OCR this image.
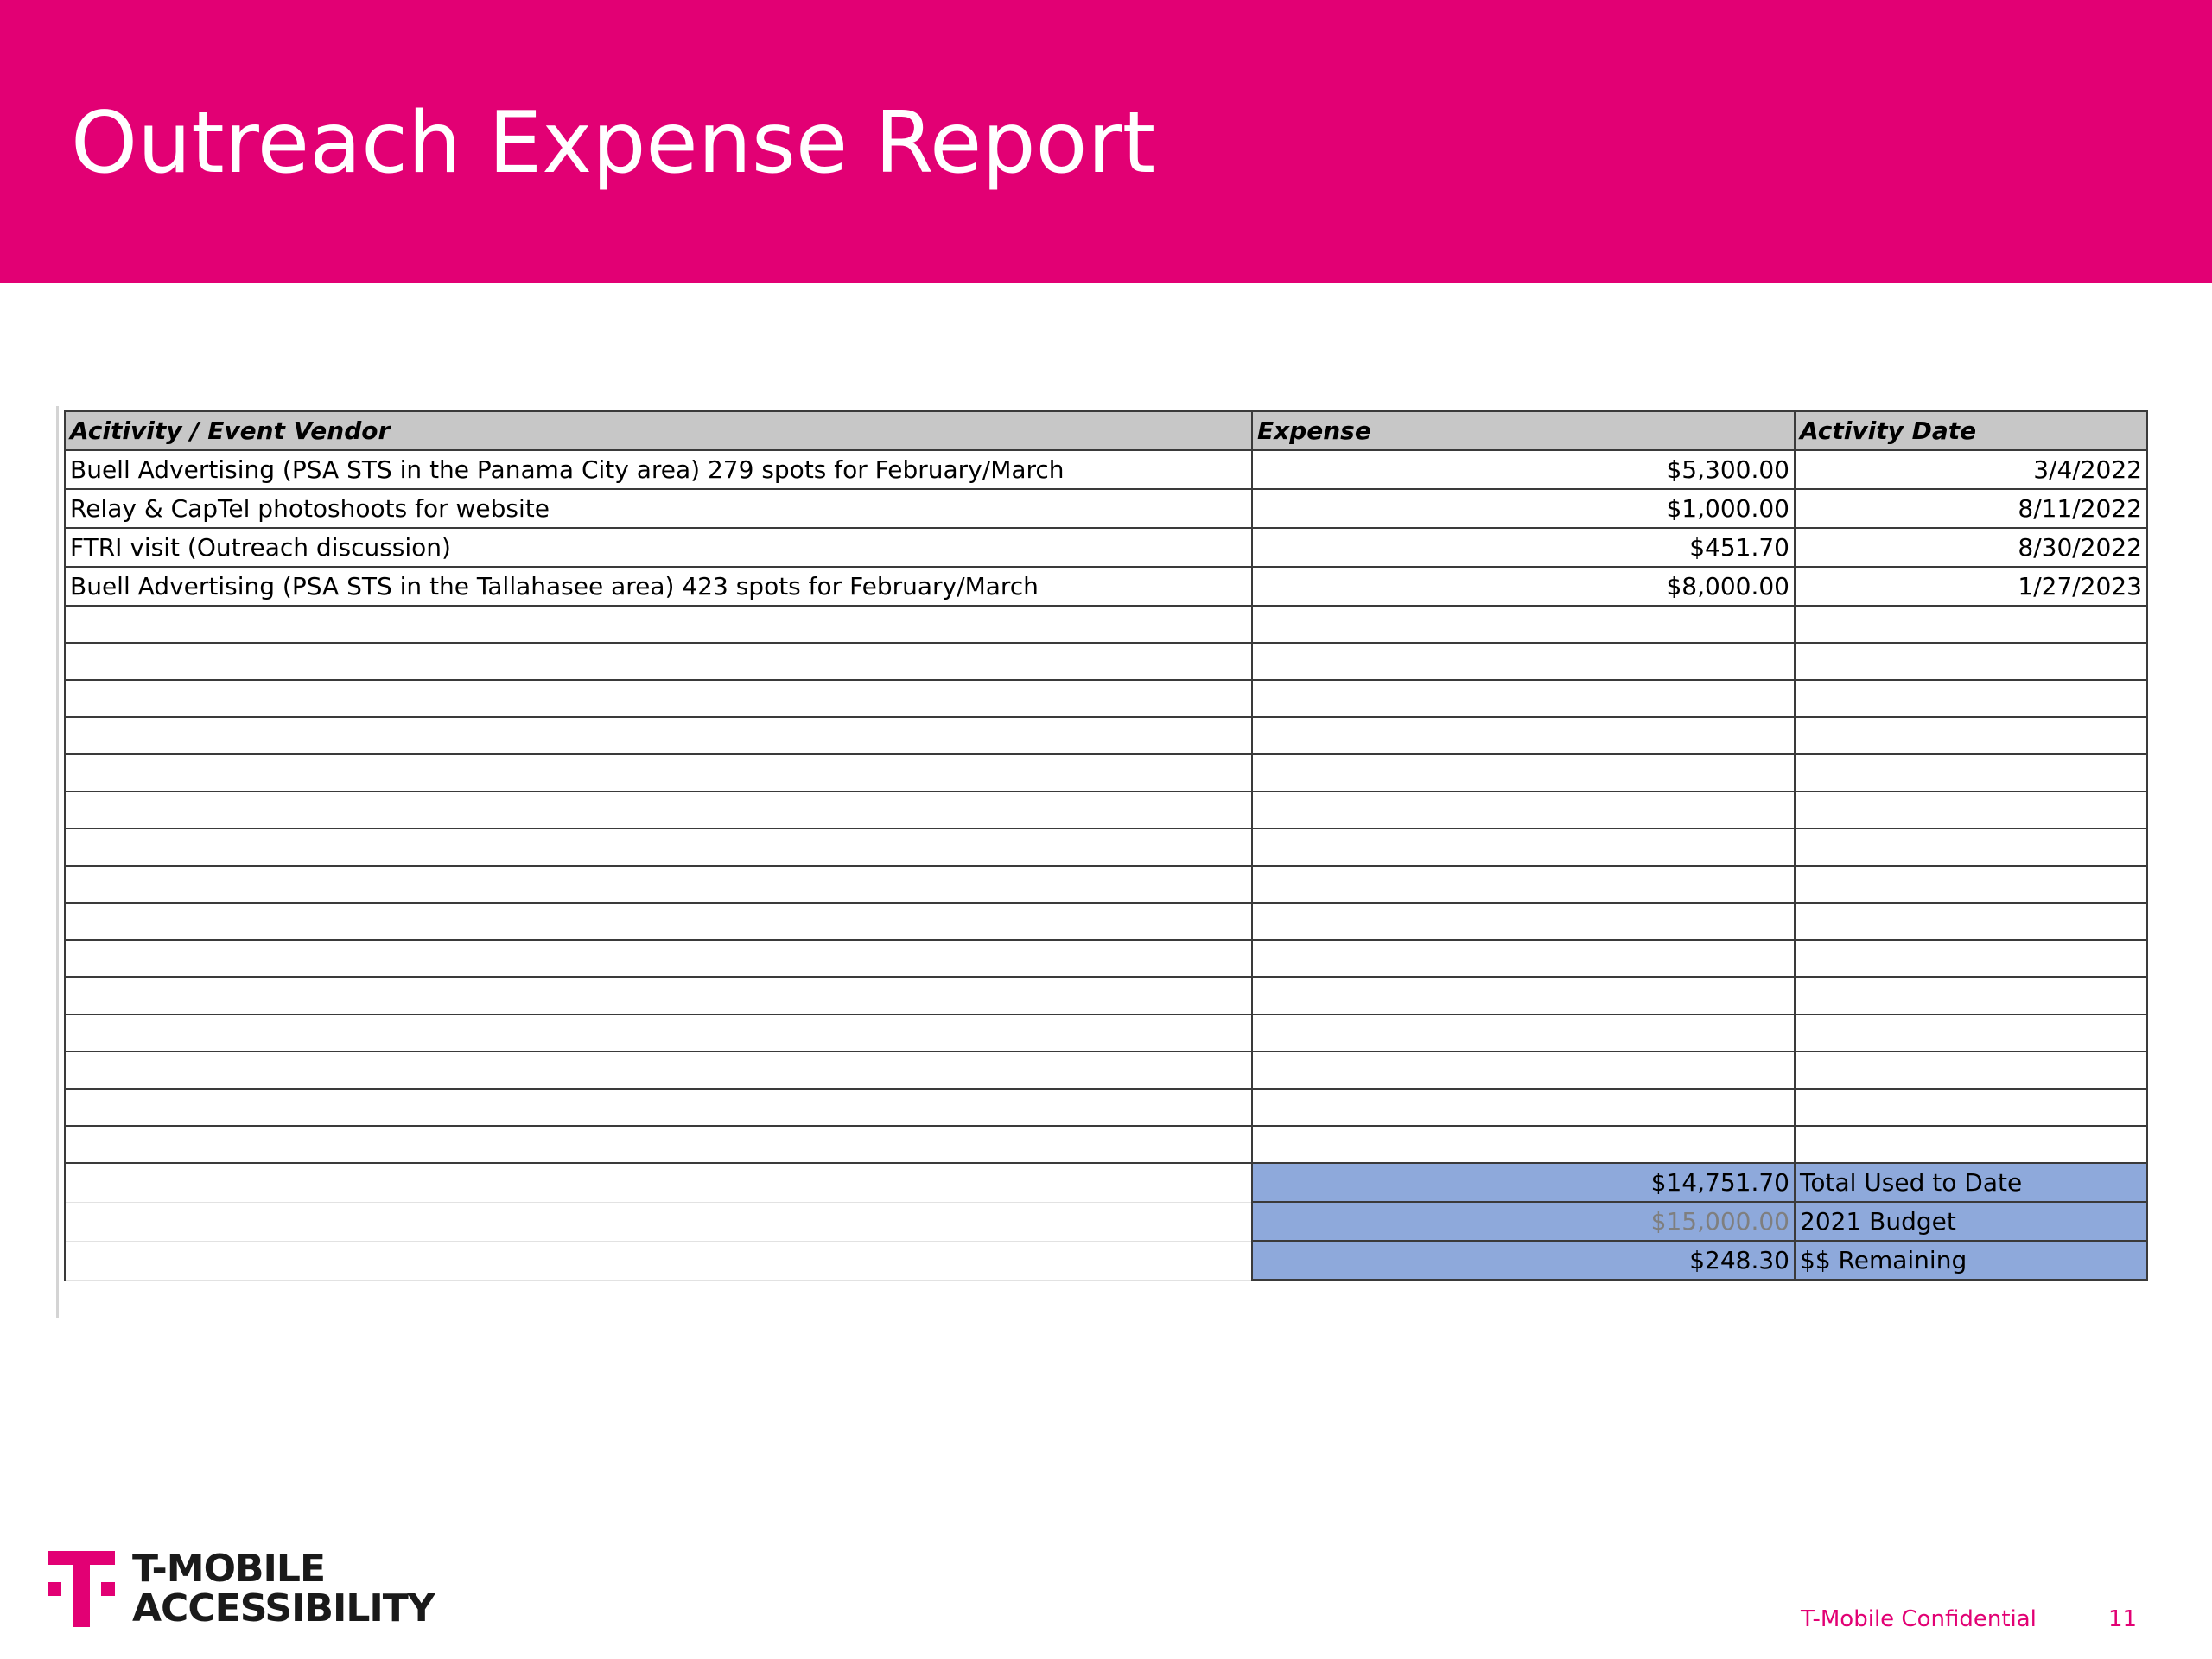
Outreach Expense Report
Acitivity / Event Vendor	Expense	Activity Date
Buell Advertising (PSA STS in the Panama City area) 279 spots for February/March	$5,300.00	3/4/2022
Relay & CapTel photoshoots for website	$1,000.00	8/11/2022
FTRI visit (Outreach discussion)	$451.70	8/30/2022
Buell Advertising (PSA STS in the Tallahasee area) 423 spots for February/March	$8,000.00	1/27/2023

	$14,751.70	Total Used to Date
	$15,000.00	2021 Budget
	$248.30	$$ Remaining
T-MOBILE
ACCESSIBILITY	T-Mobile Confidential	11
